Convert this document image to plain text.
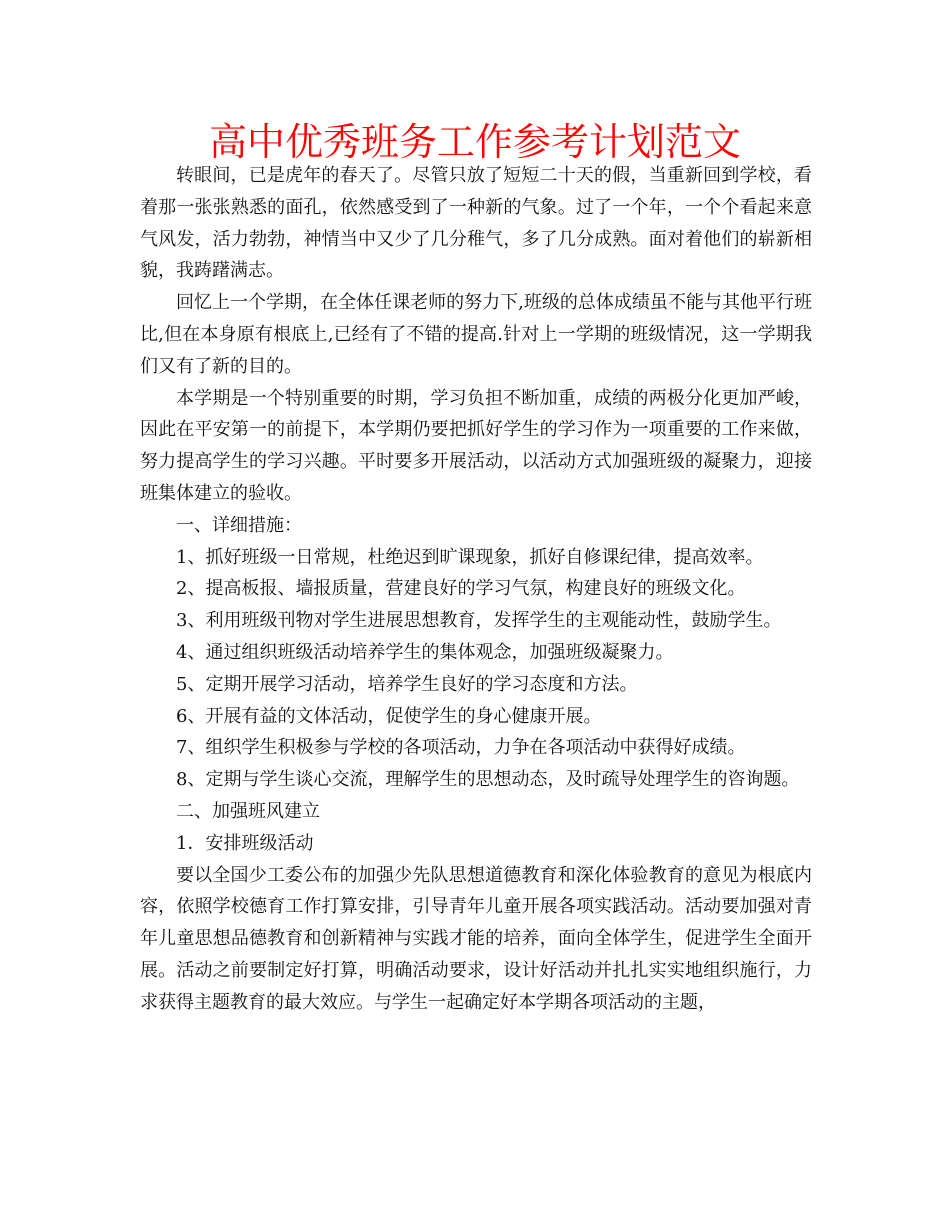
高中优秀班务工作参考计划范文

转眼间，已是虎年的春天了。尽管只放了短短二十天的假，当重新回到学校，看着那一张张熟悉的面孔，依然感受到了一种新的气象。过了一个年，一个个看起来意气风发，活力勃勃，神情当中又少了几分稚气，多了几分成熟。面对着他们的崭新相貌，我踌躇满志。

回忆上一个学期，在全体任课老师的努力下,班级的总体成绩虽不能与其他平行班比,但在本身原有根底上,已经有了不错的提高.针对上一学期的班级情况，这一学期我们又有了新的目的。

本学期是一个特别重要的时期，学习负担不断加重，成绩的两极分化更加严峻，因此在平安第一的前提下，本学期仍要把抓好学生的学习作为一项重要的工作来做，努力提高学生的学习兴趣。平时要多开展活动，以活动方式加强班级的凝聚力，迎接班集体建立的验收。

一、详细措施：

1、抓好班级一日常规，杜绝迟到旷课现象，抓好自修课纪律，提高效率。

2、提高板报、墙报质量，营建良好的学习气氛，构建良好的班级文化。

3、利用班级刊物对学生进展思想教育，发挥学生的主观能动性，鼓励学生。

4、通过组织班级活动培养学生的集体观念，加强班级凝聚力。

5、定期开展学习活动，培养学生良好的学习态度和方法。

6、开展有益的文体活动，促使学生的身心健康开展。

7、组织学生积极参与学校的各项活动，力争在各项活动中获得好成绩。

8、定期与学生谈心交流，理解学生的思想动态，及时疏导处理学生的咨询题。

二、加强班风建立

1．安排班级活动

要以全国少工委公布的加强少先队思想道德教育和深化体验教育的意见为根底内容，依照学校德育工作打算安排，引导青年儿童开展各项实践活动。活动要加强对青年儿童思想品德教育和创新精神与实践才能的培养，面向全体学生，促进学生全面开展。活动之前要制定好打算，明确活动要求，设计好活动并扎扎实实地组织施行，力求获得主题教育的最大效应。与学生一起确定好本学期各项活动的主题，
